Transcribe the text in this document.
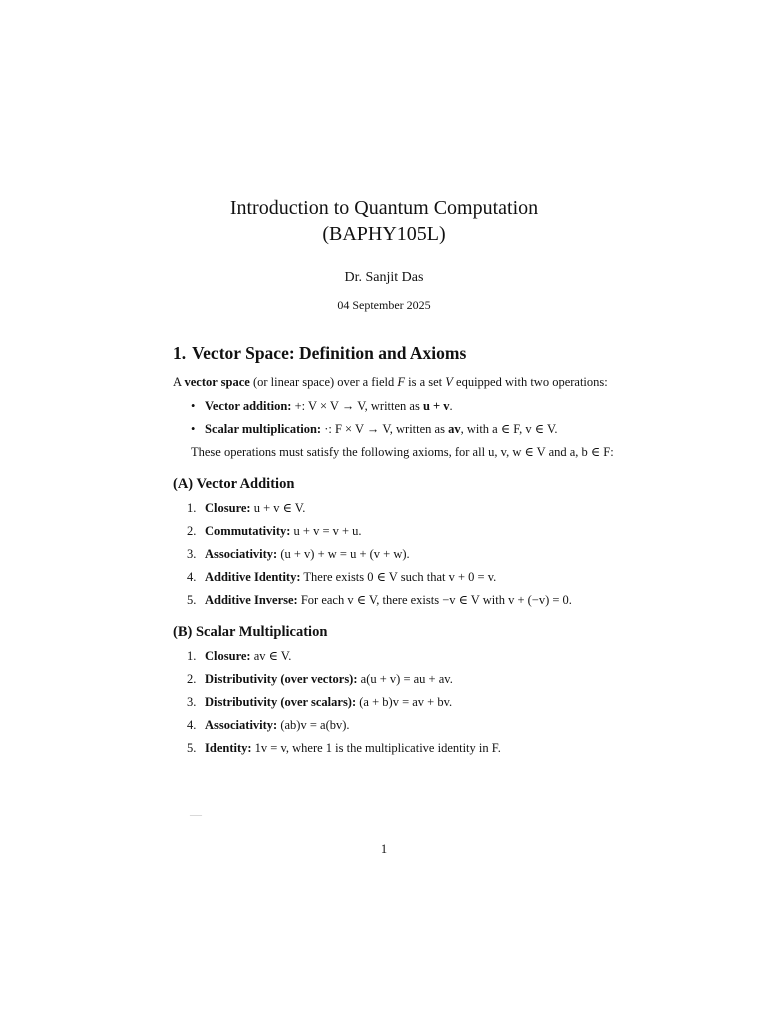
Introduction to Quantum Computation
(BAPHY105L)
Dr. Sanjit Das
04 September 2025
1. Vector Space: Definition and Axioms

A vector space (or linear space) over a field F is a set V equipped with two operations:

• Vector addition: +: V × V → V, written as u + v.
• Scalar multiplication: ·: F × V → V, written as av, with a ∈ F, v ∈ V.

These operations must satisfy the following axioms, for all u, v, w ∈ V and a, b ∈ F:

(A) Vector Addition
1. Closure: u + v ∈ V.
2. Commutativity: u + v = v + u.
3. Associativity: (u + v) + w = u + (v + w).
4. Additive Identity: There exists 0 ∈ V such that v + 0 = v.
5. Additive Inverse: For each v ∈ V, there exists −v ∈ V with v + (−v) = 0.
(B) Scalar Multiplication
1. Closure: av ∈ V.
2. Distributivity (over vectors): a(u + v) = au + av.
3. Distributivity (over scalars): (a + b)v = av + bv.
4. Associativity: (ab)v = a(bv).
5. Identity: 1v = v, where 1 is the multiplicative identity in F.
—
1
